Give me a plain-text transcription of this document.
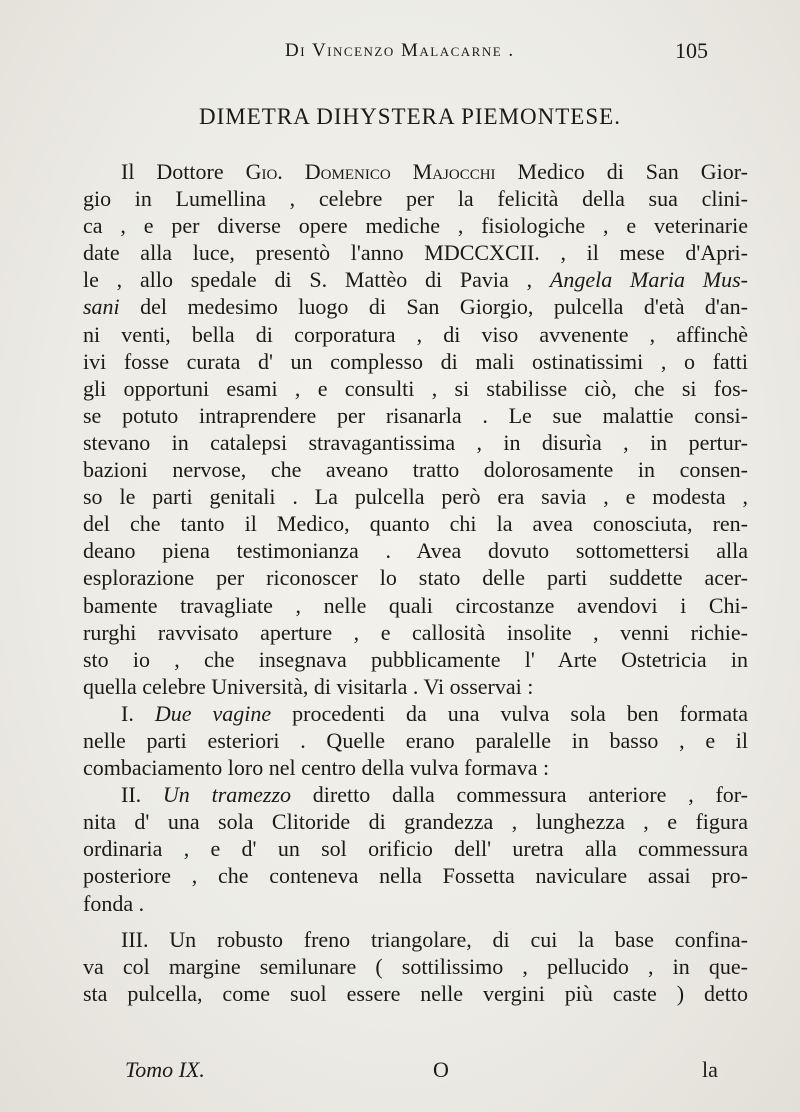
Di Vincenzo Malacarne .	105
DIMETRA DIHYSTERA PIEMONTESE.
Il Dottore Gio. Domenico Majocchi Medico di San Gior-
gio in Lumellina , celebre per la felicità della sua clini-
ca , e per diverse opere mediche , fisiologiche , e veterinarie
date alla luce, presentò l'anno MDCCXCII. , il mese d'Apri-
le , allo spedale di S. Mattèo di Pavia , Angela Maria Mus-
sani del medesimo luogo di San Giorgio, pulcella d'età d'an-
ni venti, bella di corporatura , di viso avvenente , affinchè
ivi fosse curata d' un complesso di mali ostinatissimi , o fatti
gli opportuni esami , e consulti , si stabilisse ciò, che si fos-
se potuto intraprendere per risanarla . Le sue malattie consi-
stevano in catalepsi stravagantissima , in disurìa , in pertur-
bazioni nervose, che aveano tratto dolorosamente in consen-
so le parti genitali . La pulcella però era savia , e modesta ,
del che tanto il Medico, quanto chi la avea conosciuta, ren-
deano piena testimonianza . Avea dovuto sottomettersi alla
esplorazione per riconoscer lo stato delle parti suddette acer-
bamente travagliate , nelle quali circostanze avendovi i Chi-
rurghi ravvisato aperture , e callosità insolite , venni richie-
sto io , che insegnava pubblicamente l' Arte Ostetricia in
quella celebre Università, di visitarla . Vi osservai :
I. Due vagine procedenti da una vulva sola ben formata
nelle parti esteriori . Quelle erano paralelle in basso , e il
combaciamento loro nel centro della vulva formava :
II. Un tramezzo diretto dalla commessura anteriore , for-
nita d' una sola Clitoride di grandezza , lunghezza , e figura
ordinaria , e d' un sol orificio dell' uretra alla commessura
posteriore , che conteneva nella Fossetta naviculare assai pro-
fonda .
III. Un robusto freno triangolare, di cui la base confina-
va col margine semilunare ( sottilissimo , pellucido , in que-
sta pulcella, come suol essere nelle vergini più caste ) detto
Tomo IX.	O	la
